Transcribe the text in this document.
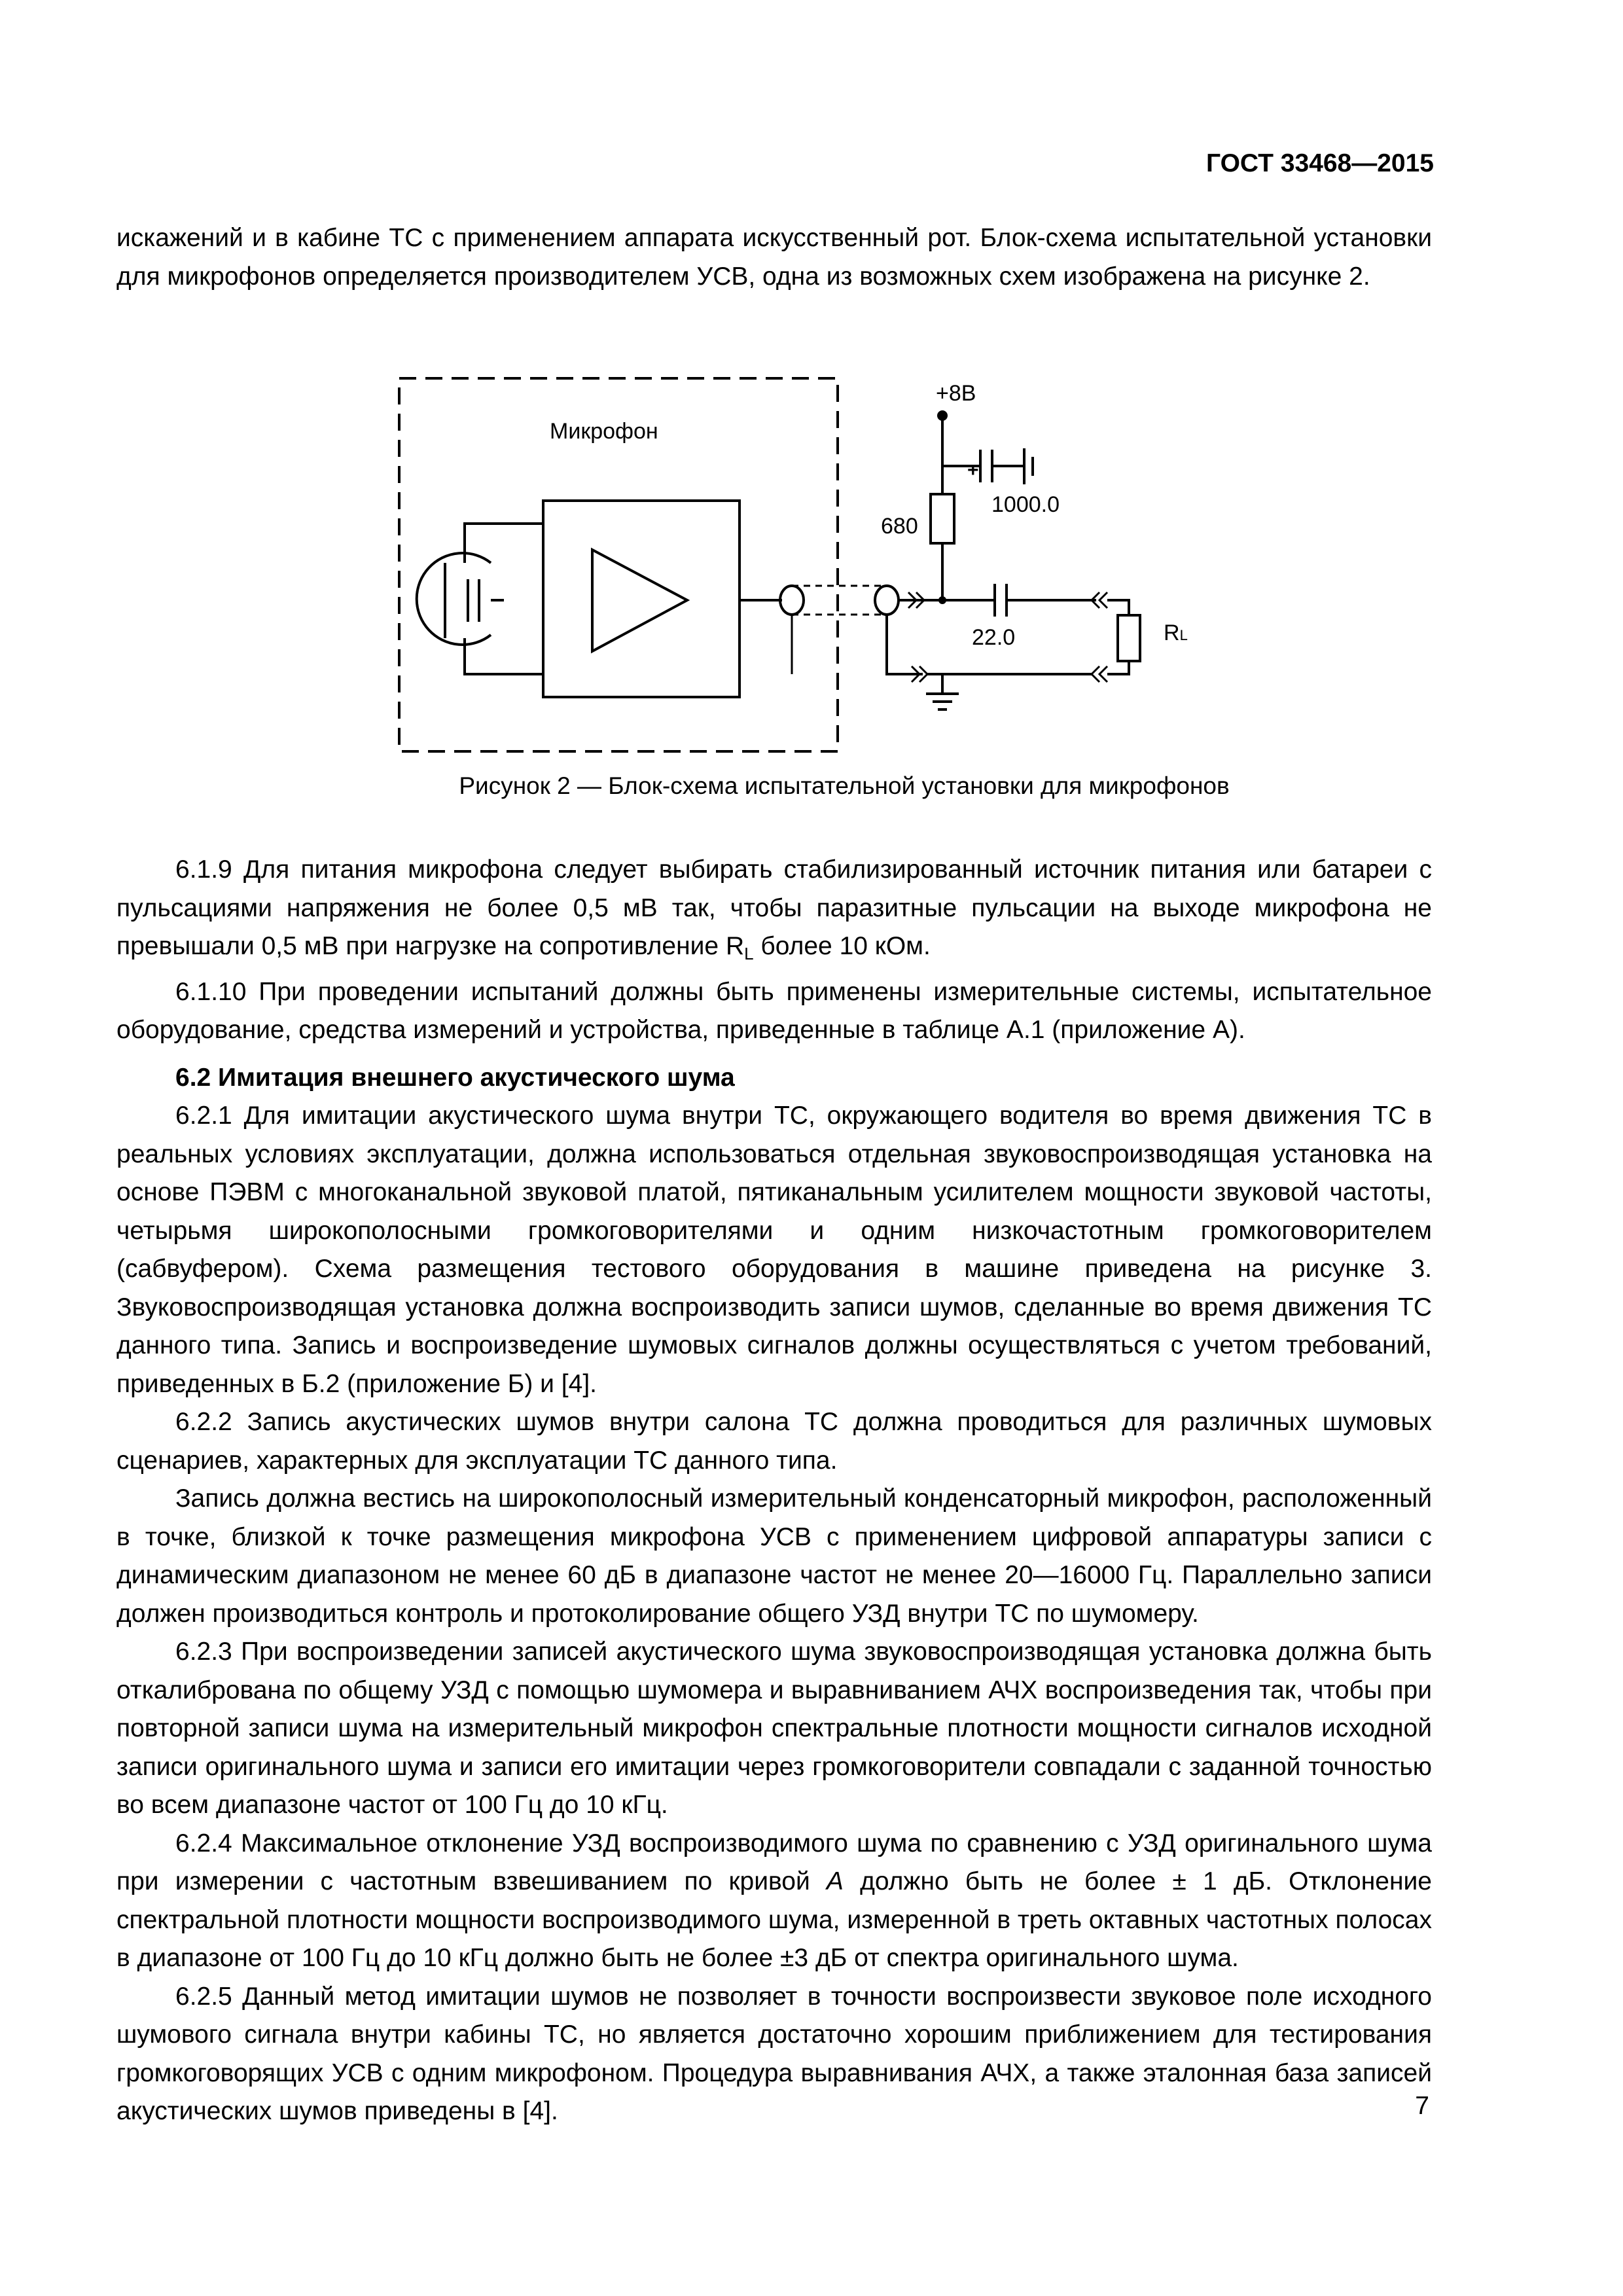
ГОСТ 33468—2015

искажений и в кабине ТС с применением аппарата искусственный рот. Блок-схема испытательной установки для микрофонов определяется производителем УСВ, одна из возможных схем изображена на рисунке 2.

Микрофон
+8В
+
1000.0
680
22.0	RL
Рисунок 2 — Блок-схема испытательной установки для микрофонов

6.1.9 Для питания микрофона следует выбирать стабилизированный источник питания или батареи с пульсациями напряжения не более 0,5 мВ так, чтобы паразитные пульсации на выходе микрофона не превышали 0,5 мВ при нагрузке на сопротивление $R_L$ более 10 кОм.

6.1.10 При проведении испытаний должны быть применены измерительные системы, испытательное оборудование, средства измерений и устройства, приведенные в таблице А.1 (приложение А).

6.2 Имитация внешнего акустического шума

6.2.1 Для имитации акустического шума внутри ТС, окружающего водителя во время движения ТС в реальных условиях эксплуатации, должна использоваться отдельная звуковоспроизводящая установка на основе ПЭВМ с многоканальной звуковой платой, пятиканальным усилителем мощности звуковой частоты, четырьмя широкополосными громкоговорителями и одним низкочастотным громкоговорителем (сабвуфером). Схема размещения тестового оборудования в машине приведена на рисунке 3. Звуковоспроизводящая установка должна воспроизводить записи шумов, сделанные во время движения ТС данного типа. Запись и воспроизведение шумовых сигналов должны осуществляться с учетом требований, приведенных в Б.2 (приложение Б) и [4].

6.2.2 Запись акустических шумов внутри салона ТС должна проводиться для различных шумовых сценариев, характерных для эксплуатации ТС данного типа.

Запись должна вестись на широкополосный измерительный конденсаторный микрофон, расположенный в точке, близкой к точке размещения микрофона УСВ с применением цифровой аппаратуры записи с динамическим диапазоном не менее 60 дБ в диапазоне частот не менее 20—16000 Гц. Параллельно записи должен производиться контроль и протоколирование общего УЗД внутри ТС по шумомеру.

6.2.3 При воспроизведении записей акустического шума звуковоспроизводящая установка должна быть откалиброванa по общему УЗД с помощью шумомера и выравниванием АЧХ воспроизведения так, чтобы при повторной записи шума на измерительный микрофон спектральные плотности мощности сигналов исходной записи оригинального шума и записи его имитации через громкоговорители совпадали с заданной точностью во всем диапазоне частот от 100 Гц до 10 кГц.

6.2.4 Максимальное отклонение УЗД воспроизводимого шума по сравнению с УЗД оригинального шума при измерении с частотным взвешиванием по кривой А должно быть не более ± 1 дБ. Отклонение спектральной плотности мощности воспроизводимого шума, измеренной в треть октавных частотных полосах в диапазоне от 100 Гц до 10 кГц должно быть не более ±3 дБ от спектра оригинального шума.

6.2.5 Данный метод имитации шумов не позволяет в точности воспроизвести звуковое поле исходного шумового сигнала внутри кабины ТС, но является достаточно хорошим приближением для тестирования громкоговорящих УСВ с одним микрофоном. Процедура выравнивания АЧХ, а также эталонная база записей акустических шумов приведены в [4].	7
